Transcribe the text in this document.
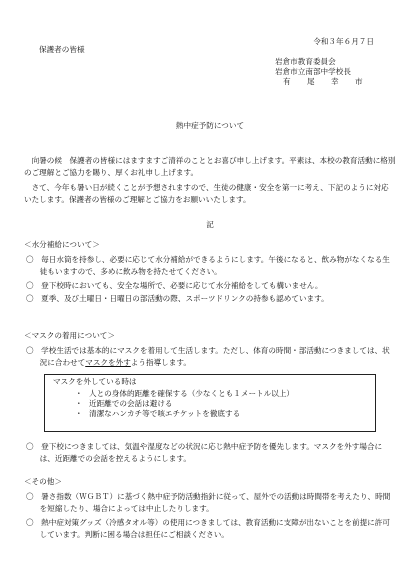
令和３年６月７日
保護者の皆様
岩倉市教育委員会
岩倉市立南部中学校長
有 尾 幸 市
熱中症予防について
向暑の候　保護者の皆様にはますますご清祥のこととお喜び申し上げます。平素は、本校の教育活動に格別のご理解とご協力を賜り、厚くお礼申し上げます。
さて、今年も暑い日が続くことが予想されますので、生徒の健康・安全を第一に考え、下記のように対応いたします。保護者の皆様のご理解とご協力をお願いいたします。
記
＜水分補給について＞
〇　毎日水筒を持参し、必要に応じて水分補給ができるようにします。午後になると、飲み物がなくなる生徒もいますので、多めに飲み物を持たせてください。
〇　登下校時においても、安全な場所で、必要に応じて水分補給をしても構いません。
〇　夏季、及び土曜日・日曜日の部活動の際、スポーツドリンクの持参も認めています。
＜マスクの着用について＞
〇　学校生活では基本的にマスクを着用して生活します。ただし、体育の時間・部活動につきましては、状況に合わせてマスクを外すよう指導します。
マスクを外している時は
・ 人との身体的距離を確保する（少なくとも１メートル以上）
・ 近距離での会話は避ける
・ 清潔なハンカチ等で咳エチケットを徹底する
〇　登下校につきましては、気温や湿度などの状況に応じ熱中症予防を優先します。マスクを外す場合には、近距離での会話を控えるようにします。
＜その他＞
〇　暑さ指数（ＷＧＢＴ）に基づく熱中症予防活動指針に従って、屋外での活動は時間帯を考えたり、時間を短縮したり、場合によっては中止したりします。
〇　熱中症対策グッズ（冷感タオル等）の使用につきましては、教育活動に支障が出ないことを前提に許可しています。判断に困る場合は担任にご相談ください。
